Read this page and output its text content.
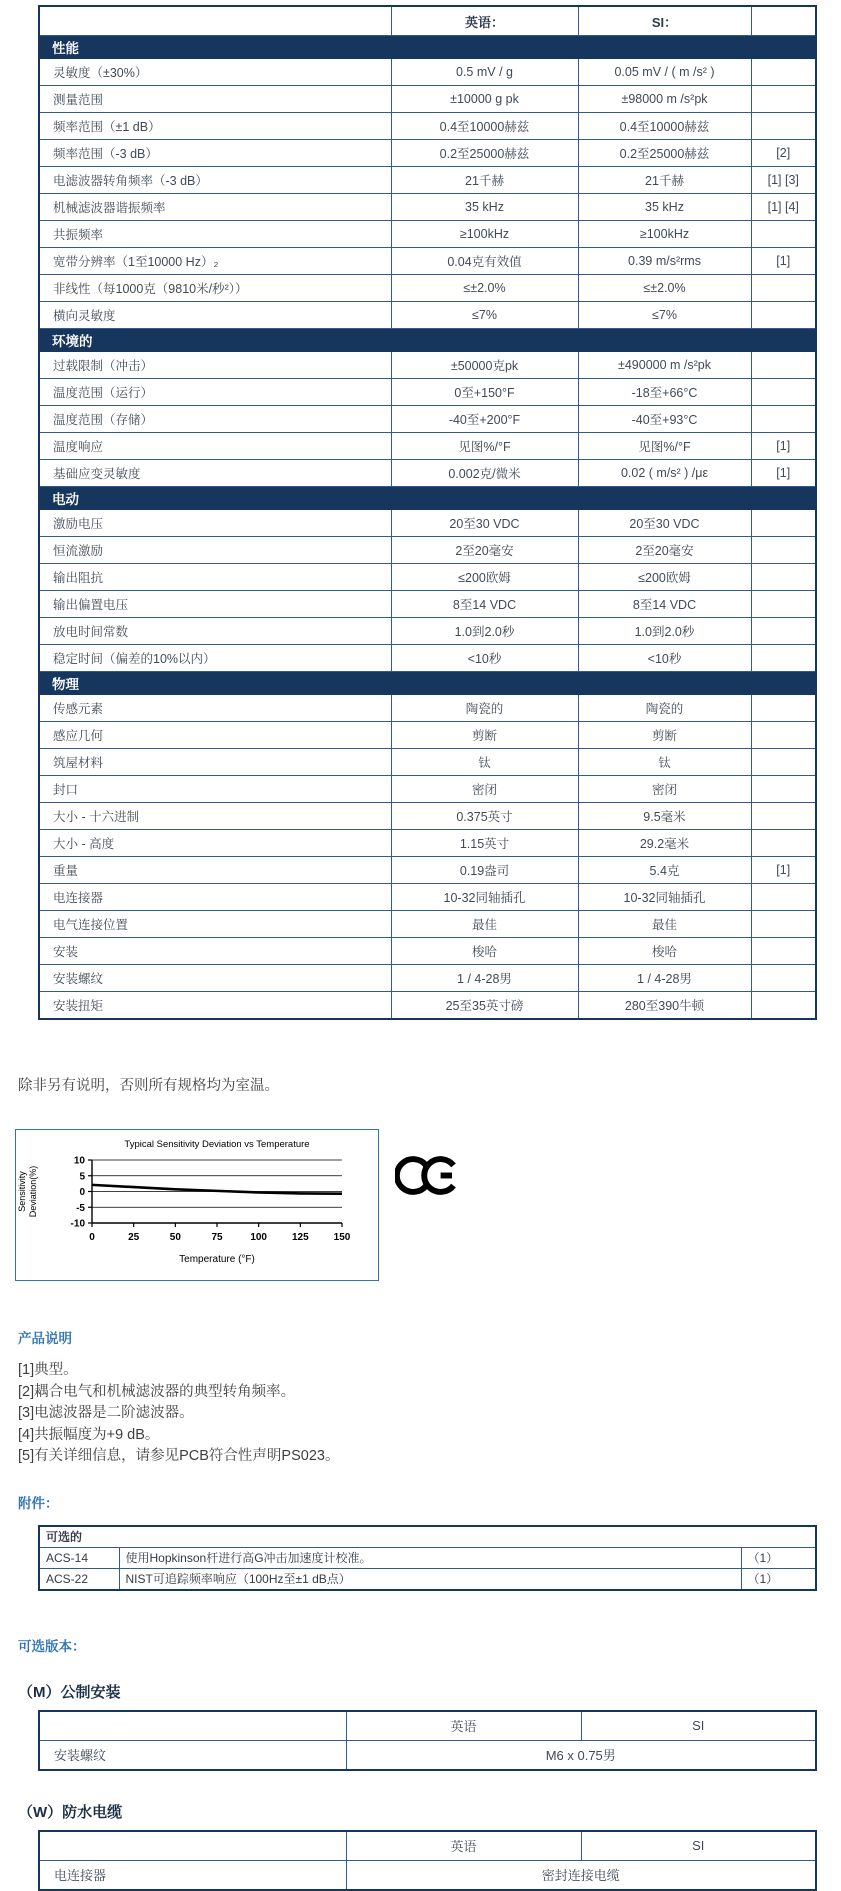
	英语：	SI：	
性能			
灵敏度（±30%）	0.5 mV / g	0.05 mV / ( m /s² )	
测量范围	±10000 g pk	±98000 m /s²pk	
频率范围（±1 dB）	0.4至10000赫兹	0.4至10000赫兹	
频率范围（-3 dB）	0.2至25000赫兹	0.2至25000赫兹	[2]
电滤波器转角频率（-3 dB）	21千赫	21千赫	[1] [3]
机械滤波器谐振频率	35 kHz	35 kHz	[1] [4]
共振频率	≥100kHz	≥100kHz	
宽带分辨率（1至10000 Hz）₂	0.04克有效值	0.39 m/s²rms	[1]
非线性（每1000克（9810米/秒²））	≤±2.0%	≤±2.0%	
横向灵敏度	≤7%	≤7%	
环境的			
过载限制（冲击）	±50000克pk	±490000 m /s²pk	
温度范围（运行）	0至+150°F	-18至+66°C	
温度范围（存储）	-40至+200°F	-40至+93°C	
温度响应	见图%/°F	见图%/°F	[1]
基础应变灵敏度	0.002克/微米	0.02 ( m/s² ) /με	[1]
电动			
激励电压	20至30 VDC	20至30 VDC	
恒流激励	2至20毫安	2至20毫安	
输出阻抗	≤200欧姆	≤200欧姆	
输出偏置电压	8至14 VDC	8至14 VDC	
放电时间常数	1.0到2.0秒	1.0到2.0秒	
稳定时间（偏差的10%以内）	<10秒	<10秒	
物理			
传感元素	陶瓷的	陶瓷的	
感应几何	剪断	剪断	
筑屋材料	钛	钛	
封口	密闭	密闭	
大小 - 十六进制	0.375英寸	9.5毫米	
大小 - 高度	1.15英寸	29.2毫米	
重量	0.19盎司	5.4克	[1]
电连接器	10-32同轴插孔	10-32同轴插孔	
电气连接位置	最佳	最佳	
安装	梭哈	梭哈	
安装螺纹	1 / 4-28男	1 / 4-28男	
安装扭矩	25至35英寸磅	280至390牛顿	
除非另有说明，否则所有规格均为室温。
Typical Sensitivity Deviation vs Temperature
10
5
0
-5
-10
0	25	50	75	100 125 150
Temperature (°F)
SensitivityDeviation(%)
产品说明
[1]典型。
[2]耦合电气和机械滤波器的典型转角频率。
[3]电滤波器是二阶滤波器。
[4]共振幅度为+9 dB。
[5]有关详细信息，请参见PCB符合性声明PS023。
附件：
可选的		
ACS-14	使用Hopkinson杆进行高G冲击加速度计校准。	（1）
ACS-22	NIST可追踪频率响应（100Hz至±1 dB点）	（1）
可选版本：
（M）公制安装
	英语	SI
安装螺纹	M6 x 0.75男	
（W）防水电缆
	英语	SI
电连接器	密封连接电缆	
